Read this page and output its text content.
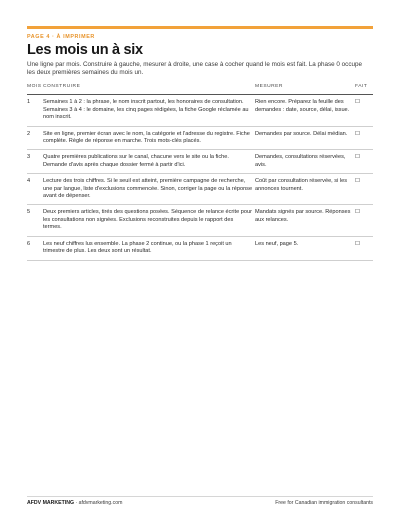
PAGE 4 · À IMPRIMER
Les mois un à six

Une ligne par mois. Construire à gauche, mesurer à droite, une case à cocher quand le mois est fait. La phase 0 occupe les deux premières semaines du mois un.

MOIS	CONSTRUIRE	MESURER	FAIT
1	Semaines 1 à 2 : la phrase, le nom inscrit partout, les honoraires de consultation. Semaines 3 à 4 : le domaine, les cinq pages rédigées, la fiche Google réclamée au nom inscrit.	Rien encore. Préparez la feuille des demandes : date, source, délai, issue.	☐
2	Site en ligne, premier écran avec le nom, la catégorie et l'adresse du registre. Fiche complète. Règle de réponse en marche. Trois mots-clés placés.	Demandes par source. Délai médian.	☐
3	Quatre premières publications sur le canal, chacune vers le site ou la fiche. Demande d'avis après chaque dossier fermé à partir d'ici.	Demandes, consultations réservées, avis.	☐
4	Lecture des trois chiffres. Si le seuil est atteint, première campagne de recherche, une par langue, liste d'exclusions commencée. Sinon, corriger la page ou la réponse avant de dépenser.	Coût par consultation réservée, si les annonces tournent.	☐
5	Deux premiers articles, tirés des questions posées. Séquence de relance écrite pour les consultations non signées. Exclusions reconstruites depuis le rapport des termes.	Mandats signés par source. Réponses aux relances.	☐
6	Les neuf chiffres lus ensemble. La phase 2 continue, ou la phase 1 reçoit un trimestre de plus. Les deux sont un résultat.	Les neuf, page 5.	☐
AFDV MARKETING · afdvmarketing.com	Free for Canadian immigration consultants
